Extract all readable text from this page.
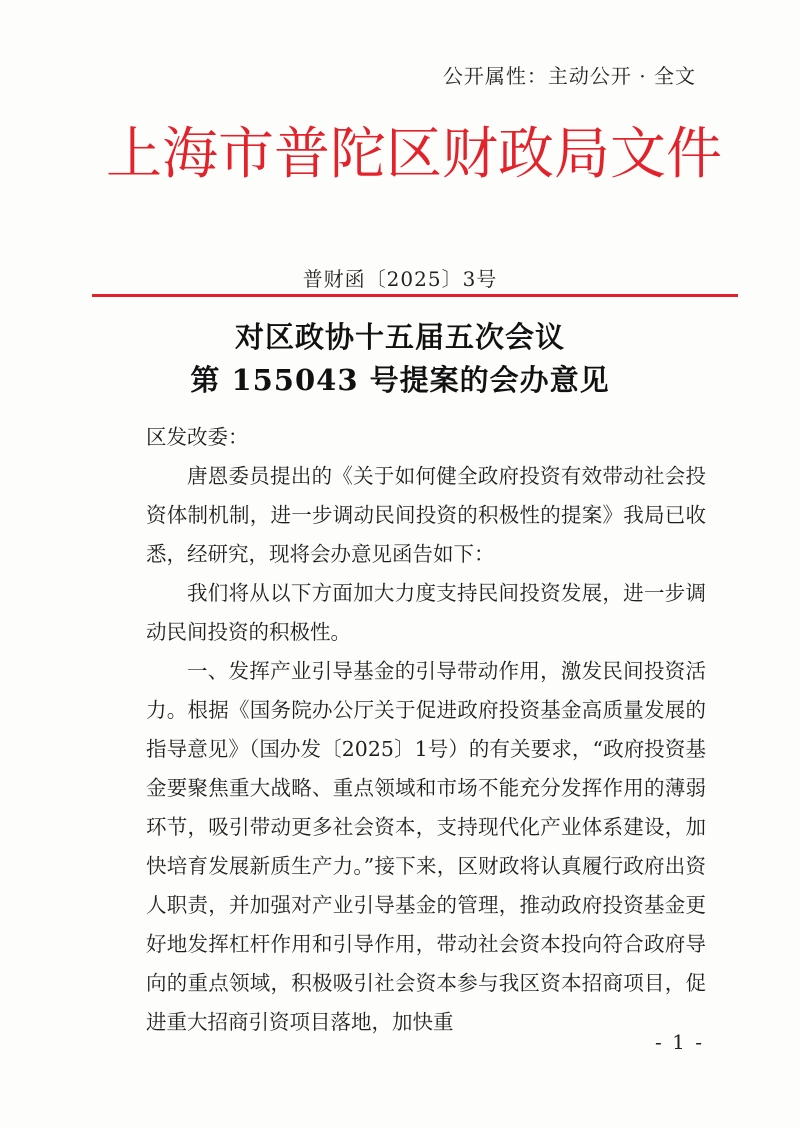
公开属性：主动公开 · 全文
上海市普陀区财政局文件
普财函〔2025〕3号
对区政协十五届五次会议
第 155043 号提案的会办意见

区发改委：

唐恩委员提出的《关于如何健全政府投资有效带动社会投资体制机制，进一步调动民间投资的积极性的提案》我局已收悉，经研究，现将会办意见函告如下：

我们将从以下方面加大力度支持民间投资发展，进一步调动民间投资的积极性。

一、发挥产业引导基金的引导带动作用，激发民间投资活力。根据《国务院办公厅关于促进政府投资基金高质量发展的指导意见》（国办发〔2025〕1号）的有关要求，“政府投资基金要聚焦重大战略、重点领域和市场不能充分发挥作用的薄弱环节，吸引带动更多社会资本，支持现代化产业体系建设，加快培育发展新质生产力。”接下来，区财政将认真履行政府出资人职责，并加强对产业引导基金的管理，推动政府投资基金更好地发挥杠杆作用和引导作用，带动社会资本投向符合政府导向的重点领域，积极吸引社会资本参与我区资本招商项目，促进重大招商引资项目落地，加快重

- 1 -
